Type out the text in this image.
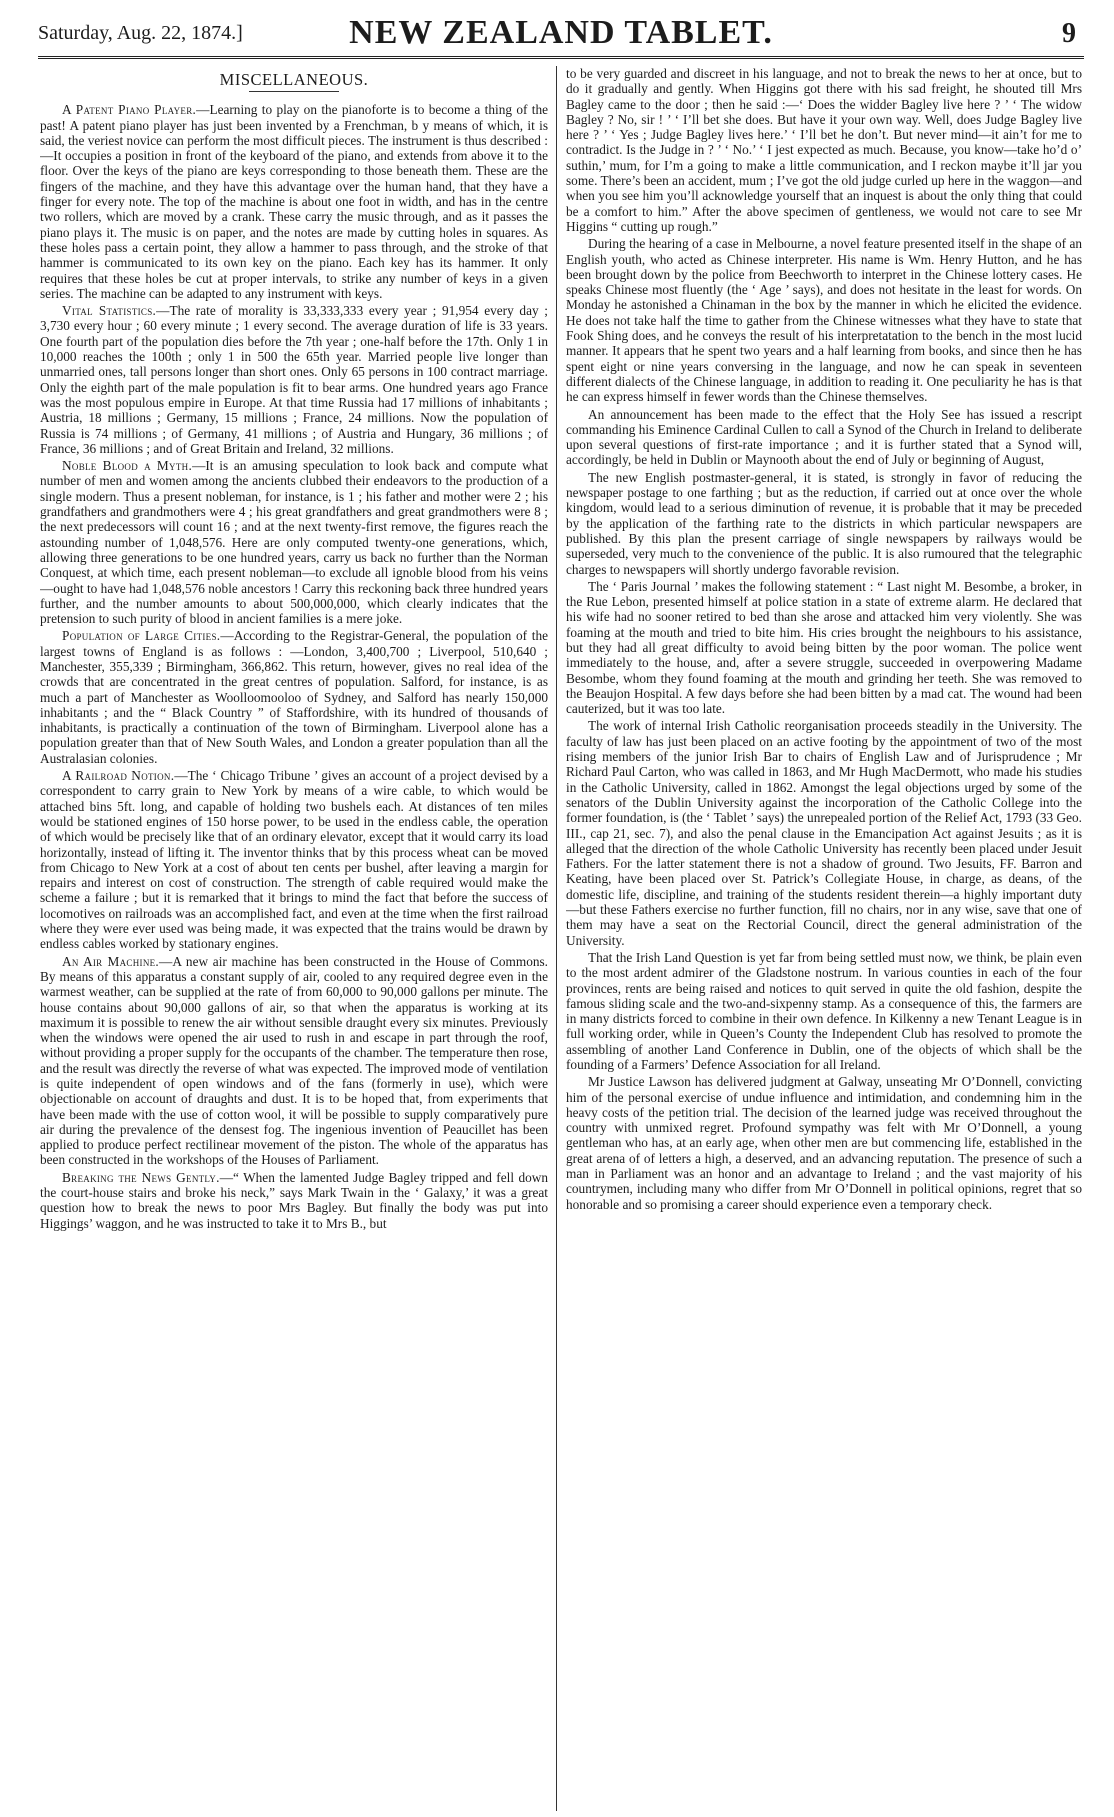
Saturday, Aug. 22, 1874.]	NEW ZEALAND TABLET.	9
MISCELLANEOUS.

A Patent Piano Player.—Learning to play on the pianoforte is to become a thing of the past! A patent piano player has just been invented by a Frenchman, b y means of which, it is said, the veriest novice can perform the most difficult pieces. The instrument is thus described :—It occupies a position in front of the keyboard of the piano, and extends from above it to the floor. Over the keys of the piano are keys corresponding to those beneath them. These are the fingers of the machine, and they have this advantage over the human hand, that they have a finger for every note. The top of the machine is about one foot in width, and has in the centre two rollers, which are moved by a crank. These carry the music through, and as it passes the piano plays it. The music is on paper, and the notes are made by cutting holes in squares. As these holes pass a certain point, they allow a hammer to pass through, and the stroke of that hammer is communicated to its own key on the piano. Each key has its hammer. It only requires that these holes be cut at proper intervals, to strike any number of keys in a given series. The machine can be adapted to any instrument with keys.

Vital Statistics.—The rate of morality is 33,333,333 every year ; 91,954 every day ; 3,730 every hour ; 60 every minute ; 1 every second. The average duration of life is 33 years. One fourth part of the population dies before the 7th year ; one-half before the 17th. Only 1 in 10,000 reaches the 100th ; only 1 in 500 the 65th year. Married people live longer than unmarried ones, tall persons longer than short ones. Only 65 persons in 100 contract marriage. Only the eighth part of the male population is fit to bear arms. One hundred years ago France was the most populous empire in Europe. At that time Russia had 17 millions of inhabitants ; Austria, 18 millions ; Germany, 15 millions ; France, 24 millions. Now the population of Russia is 74 millions ; of Germany, 41 millions ; of Austria and Hungary, 36 millions ; of France, 36 millions ; and of Great Britain and Ireland, 32 millions.

Noble Blood a Myth.—It is an amusing speculation to look back and compute what number of men and women among the ancients clubbed their endeavors to the production of a single modern. Thus a present nobleman, for instance, is 1 ; his father and mother were 2 ; his grandfathers and grandmothers were 4 ; his great grandfathers and great grandmothers were 8 ; the next predecessors will count 16 ; and at the next twenty-first remove, the figures reach the astounding number of 1,048,576. Here are only computed twenty-one generations, which, allowing three generations to be one hundred years, carry us back no further than the Norman Conquest, at which time, each present nobleman—to exclude all ignoble blood from his veins—ought to have had 1,048,576 noble ancestors ! Carry this reckoning back three hundred years further, and the number amounts to about 500,000,000, which clearly indicates that the pretension to such purity of blood in ancient families is a mere joke.

Population of Large Cities.—According to the Registrar-General, the population of the largest towns of England is as follows : —London, 3,400,700 ; Liverpool, 510,640 ; Manchester, 355,339 ; Birmingham, 366,862. This return, however, gives no real idea of the crowds that are concentrated in the great centres of population. Salford, for instance, is as much a part of Manchester as Woolloomooloo of Sydney, and Salford has nearly 150,000 inhabitants ; and the “ Black Country ” of Staffordshire, with its hundred of thousands of inhabitants, is practically a continuation of the town of Birmingham. Liverpool alone has a population greater than that of New South Wales, and London a greater population than all the Australasian colonies.

A Railroad Notion.—The ‘ Chicago Tribune ’ gives an account of a project devised by a correspondent to carry grain to New York by means of a wire cable, to which would be attached bins 5ft. long, and capable of holding two bushels each. At distances of ten miles would be stationed engines of 150 horse power, to be used in the endless cable, the operation of which would be precisely like that of an ordinary elevator, except that it would carry its load horizontally, instead of lifting it. The inventor thinks that by this process wheat can be moved from Chicago to New York at a cost of about ten cents per bushel, after leaving a margin for repairs and interest on cost of construction. The strength of cable required would make the scheme a failure ; but it is remarked that it brings to mind the fact that before the success of locomotives on railroads was an accomplished fact, and even at the time when the first railroad where they were ever used was being made, it was expected that the trains would be drawn by endless cables worked by stationary engines.

An Air Machine.—A new air machine has been constructed in the House of Commons. By means of this apparatus a constant supply of air, cooled to any required degree even in the warmest weather, can be supplied at the rate of from 60,000 to 90,000 gallons per minute. The house contains about 90,000 gallons of air, so that when the apparatus is working at its maximum it is possible to renew the air without sensible draught every six minutes. Previously when the windows were opened the air used to rush in and escape in part through the roof, without providing a proper supply for the occupants of the chamber. The temperature then rose, and the result was directly the reverse of what was expected. The improved mode of ventilation is quite independent of open windows and of the fans (formerly in use), which were objectionable on account of draughts and dust. It is to be hoped that, from experiments that have been made with the use of cotton wool, it will be possible to supply comparatively pure air during the prevalence of the densest fog. The ingenious invention of Peaucillet has been applied to produce perfect rectilinear movement of the piston. The whole of the apparatus has been constructed in the workshops of the Houses of Parliament.

Breaking the News Gently.—“ When the lamented Judge Bagley tripped and fell down the court-house stairs and broke his neck,” says Mark Twain in the ‘ Galaxy,’ it was a great question how to break the news to poor Mrs Bagley. But finally the body was put into Higgings’ waggon, and he was instructed to take it to Mrs B., but

to be very guarded and discreet in his language, and not to break the news to her at once, but to do it gradually and gently. When Higgins got there with his sad freight, he shouted till Mrs Bagley came to the door ; then he said :—‘ Does the widder Bagley live here ? ’ ‘ The widow Bagley ? No, sir ! ’ ‘ I’ll bet she does. But have it your own way. Well, does Judge Bagley live here ? ’ ‘ Yes ; Judge Bagley lives here.’ ‘ I’ll bet he don’t. But never mind—it ain’t for me to contradict. Is the Judge in ? ’ ‘ No.’ ‘ I jest expected as much. Because, you know—take ho’d o’ suthin,’ mum, for I’m a going to make a little communication, and I reckon maybe it’ll jar you some. There’s been an accident, mum ; I’ve got the old judge curled up here in the waggon—and when you see him you’ll acknowledge yourself that an inquest is about the only thing that could be a comfort to him.” After the above specimen of gentleness, we would not care to see Mr Higgins “ cutting up rough.”

During the hearing of a case in Melbourne, a novel feature presented itself in the shape of an English youth, who acted as Chinese interpreter. His name is Wm. Henry Hutton, and he has been brought down by the police from Beechworth to interpret in the Chinese lottery cases. He speaks Chinese most fluently (the ‘ Age ’ says), and does not hesitate in the least for words. On Monday he astonished a Chinaman in the box by the manner in which he elicited the evidence. He does not take half the time to gather from the Chinese witnesses what they have to state that Fook Shing does, and he conveys the result of his interpretatation to the bench in the most lucid manner. It appears that he spent two years and a half learning from books, and since then he has spent eight or nine years conversing in the language, and now he can speak in seventeen different dialects of the Chinese language, in addition to reading it. One peculiarity he has is that he can express himself in fewer words than the Chinese themselves.

An announcement has been made to the effect that the Holy See has issued a rescript commanding his Eminence Cardinal Cullen to call a Synod of the Church in Ireland to deliberate upon several questions of first-rate importance ; and it is further stated that a Synod will, accordingly, be held in Dublin or Maynooth about the end of July or beginning of August,

The new English postmaster-general, it is stated, is strongly in favor of reducing the newspaper postage to one farthing ; but as the reduction, if carried out at once over the whole kingdom, would lead to a serious diminution of revenue, it is probable that it may be preceded by the application of the farthing rate to the districts in which particular newspapers are published. By this plan the present carriage of single newspapers by railways would be superseded, very much to the convenience of the public. It is also rumoured that the telegraphic charges to newspapers will shortly undergo favorable revision.

The ‘ Paris Journal ’ makes the following statement : “ Last night M. Besombe, a broker, in the Rue Lebon, presented himself at police station in a state of extreme alarm. He declared that his wife had no sooner retired to bed than she arose and attacked him very violently. She was foaming at the mouth and tried to bite him. His cries brought the neighbours to his assistance, but they had all great difficulty to avoid being bitten by the poor woman. The police went immediately to the house, and, after a severe struggle, succeeded in overpowering Madame Besombe, whom they found foaming at the mouth and grinding her teeth. She was removed to the Beaujon Hospital. A few days before she had been bitten by a mad cat. The wound had been cauterized, but it was too late.

The work of internal Irish Catholic reorganisation proceeds steadily in the University. The faculty of law has just been placed on an active footing by the appointment of two of the most rising members of the junior Irish Bar to chairs of English Law and of Jurisprudence ; Mr Richard Paul Carton, who was called in 1863, and Mr Hugh MacDermott, who made his studies in the Catholic University, called in 1862. Amongst the legal objections urged by some of the senators of the Dublin University against the incorporation of the Catholic College into the former foundation, is (the ‘ Tablet ’ says) the unrepealed portion of the Relief Act, 1793 (33 Geo. III., cap 21, sec. 7), and also the penal clause in the Emancipation Act against Jesuits ; as it is alleged that the direction of the whole Catholic University has recently been placed under Jesuit Fathers. For the latter statement there is not a shadow of ground. Two Jesuits, FF. Barron and Keating, have been placed over St. Patrick’s Collegiate House, in charge, as deans, of the domestic life, discipline, and training of the students resident therein—a highly important duty—but these Fathers exercise no further function, fill no chairs, nor in any wise, save that one of them may have a seat on the Rectorial Council, direct the general administration of the University.

That the Irish Land Question is yet far from being settled must now, we think, be plain even to the most ardent admirer of the Gladstone nostrum. In various counties in each of the four provinces, rents are being raised and notices to quit served in quite the old fashion, despite the famous sliding scale and the two-and-sixpenny stamp. As a consequence of this, the farmers are in many districts forced to combine in their own defence. In Kilkenny a new Tenant League is in full working order, while in Queen’s County the Independent Club has resolved to promote the assembling of another Land Conference in Dublin, one of the objects of which shall be the founding of a Farmers’ Defence Association for all Ireland.

Mr Justice Lawson has delivered judgment at Galway, unseating Mr O’Donnell, convicting him of the personal exercise of undue influence and intimidation, and condemning him in the heavy costs of the petition trial. The decision of the learned judge was received throughout the country with unmixed regret. Profound sympathy was felt with Mr O’Donnell, a young gentleman who has, at an early age, when other men are but commencing life, established in the great arena of of letters a high, a deserved, and an advancing reputation. The presence of such a man in Parliament was an honor and an advantage to Ireland ; and the vast majority of his countrymen, including many who differ from Mr O’Donnell in political opinions, regret that so honorable and so promising a career should experience even a temporary check.
